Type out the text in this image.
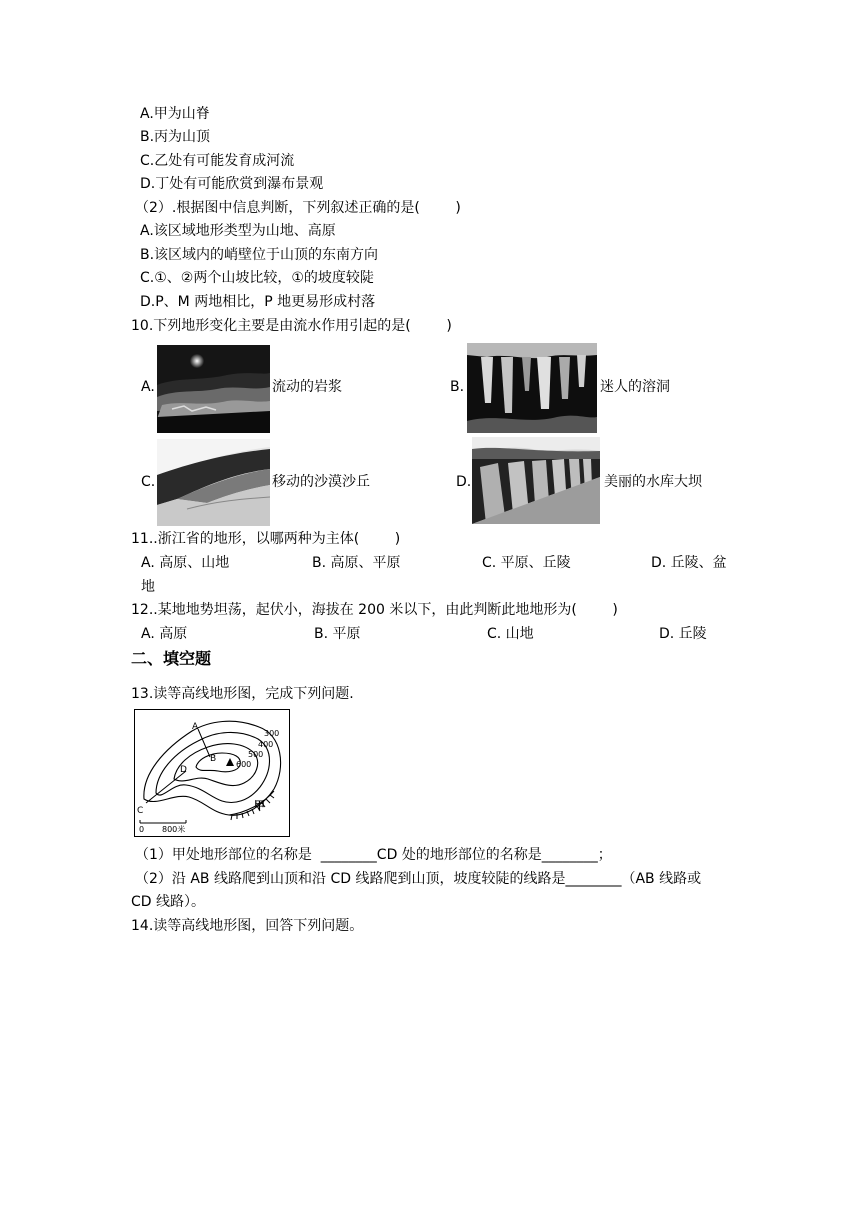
A.甲为山脊
B.丙为山顶
C.乙处有可能发育成河流
D.丁处有可能欣赏到瀑布景观
（2）.根据图中信息判断，下列叙述正确的是(        )
A.该区域地形类型为山地、高原
B.该区域内的峭壁位于山顶的东南方向
C.①、②两个山坡比较，①的坡度较陡
D.P、M 两地相比，P 地更易形成村落
10.下列地形变化主要是由流水作用引起的是(        )
A.	流动的岩浆	B.	迷人的溶洞
C.	移动的沙漠沙丘	D.	美丽的水库大坝
11..浙江省的地形，以哪两种为主体(        )
A. 高原、山地	B. 高原、平原	C. 平原、丘陵	D. 丘陵、盆
地
12..某地地势坦荡，起伏小，海拔在 200 米以下，由此判断此地地形为(        )
A. 高原	B. 平原	C. 山地	D. 丘陵
二、填空题
13.读等高线地形图，完成下列问题.
A
B
C
D
甲
300
400
500
600
0 800米
（1）甲处地形部位的名称是  ________CD 处的地形部位的名称是________；
（2）沿 AB 线路爬到山顶和沿 CD 线路爬到山顶，坡度较陡的线路是________（AB 线路或
CD 线路）。
14.读等高线地形图，回答下列问题。
